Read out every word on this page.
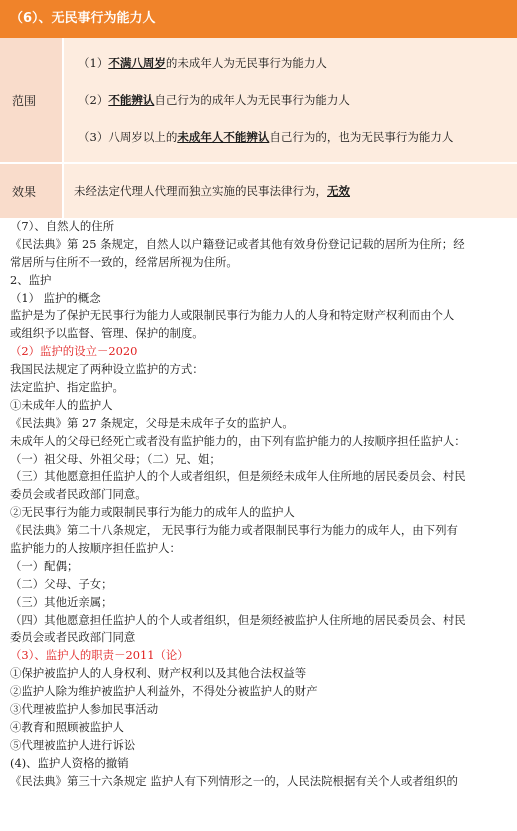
（6）、无民事行为能力人
范围
（1）不满八周岁的未成年人为无民事行为能力人
（2）不能辨认自己行为的成年人为无民事行为能力人
（3）八周岁以上的未成年人不能辨认自己行为的，也为无民事行为能力人
效果	未经法定代理人代理而独立实施的民事法律行为， 无效
（7）、自然人的住所
《民法典》第 25 条规定，自然人以户籍登记或者其他有效身份登记记载的居所为住所；经
常居所与住所不一致的，经常居所视为住所。
2、监护
（1） 监护的概念
监护是为了保护无民事行为能力人或限制民事行为能力人的人身和特定财产权利而由个人
或组织予以监督、管理、保护的制度。
（2）监护的设立－2020
我国民法规定了两种设立监护的方式：
法定监护、指定监护。
①未成年人的监护人
《民法典》第 27 条规定，父母是未成年子女的监护人。
未成年人的父母已经死亡或者没有监护能力的，由下列有监护能力的人按顺序担任监护人：
（一）祖父母、外祖父母；（二）兄、姐；
（三）其他愿意担任监护人的个人或者组织，但是须经未成年人住所地的居民委员会、村民
委员会或者民政部门同意。
②无民事行为能力或限制民事行为能力的成年人的监护人
《民法典》第二十八条规定， 无民事行为能力或者限制民事行为能力的成年人，由下列有
监护能力的人按顺序担任监护人：
（一）配偶；
（二）父母、子女；
（三）其他近亲属；
（四）其他愿意担任监护人的个人或者组织，但是须经被监护人住所地的居民委员会、村民
委员会或者民政部门同意
（3）、监护人的职责－2011（论）
①保护被监护人的人身权利、财产权利以及其他合法权益等
②监护人除为维护被监护人利益外，不得处分被监护人的财产
③代理被监护人参加民事活动
④教育和照顾被监护人
⑤代理被监护人进行诉讼
(4)、监护人资格的撤销
《民法典》第三十六条规定 监护人有下列情形之一的，人民法院根据有关个人或者组织的
